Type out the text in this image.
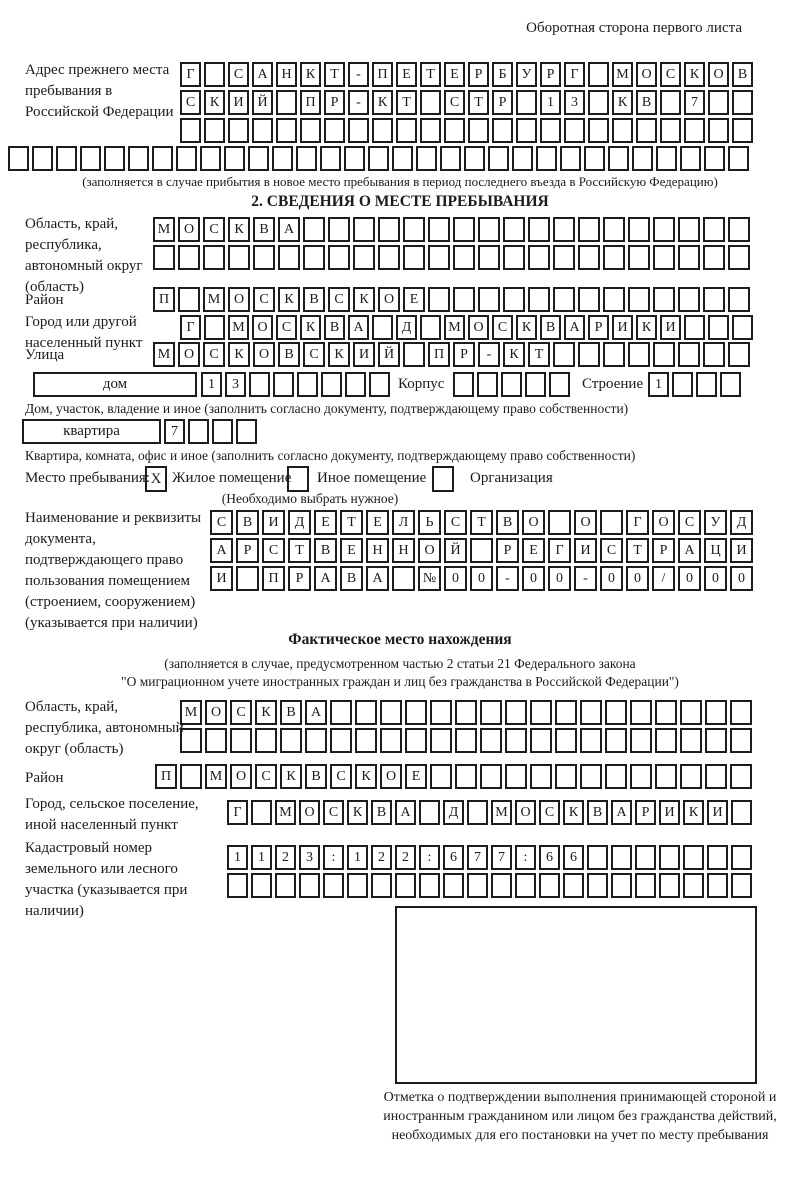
Оборотная сторона первого листа
Адрес прежнего места пребывания в Российской Федерации
Г	С	А Н	К	Т	-	П	Е	Т	Е	Р	Б	У	Р	Г	М О	С	К	О	В
С	К	И Й	П	Р	-	К	Т	С	Т	Р	1	3	К	В	7
(заполняется в случае прибытия в новое место пребывания в период последнего въезда в Российскую Федерацию)
2. СВЕДЕНИЯ О МЕСТЕ ПРЕБЫВАНИЯ
Область, край, республика, автономный округ (область)
М О	С	К	В	А
Район	П	М О	С	К	В	С	К	О	Е
Город или другой населенный пункт
Г	М О	С	К	В	А	Д	М О	С	К	В	А	Р	И	К	И
Улица	М О	С	К	О	В	С	К	И	Й	П	Р	-	К	Т
дом	1	3	Корпус	Строение 1
Дом, участок, владение и иное (заполнить согласно документу, подтверждающему право собственности)
квартира	7
Квартира, комната, офис и иное (заполнить согласно документу, подтверждающему право собственности)
Место пребывания: X Жилое помещение Иное помещение	Организация
(Необходимо выбрать нужное)
Наименование и реквизиты документа, подтверждающего право пользования помещением (строением, сооружением) (указывается при наличии)
С	В	И	Д	Е	Т	Е	Л	Ь	С	Т	В	О	О	Г	О	С	У	Д
А	Р	С	Т	В	Е	Н	Н	О	Й	Р	Е	Г	И	С	Т	Р	А	Ц	И
И	П	Р	А	В	А	№	0	0	-	0	0	-	0	0	/	0	0	0
Фактическое место нахождения
(заполняется в случае, предусмотренном частью 2 статьи 21 Федерального закона
"О миграционном учете иностранных граждан и лиц без гражданства в Российской Федерации")
Область, край, республика, автономный округ (область)
М О	С	К	В	А
Район	П	М О	С	К	В	С	К	О	Е
Город, сельское поселение, иной населенный пункт
Г	М О	С	К	В	А	Д	М О	С	К	В	А	Р	И	К	И
Кадастровый номер земельного или лесного участка (указывается при наличии)
1	1	2	3	:	1	2	2	:	6	7	7	:	6	6
Отметка о подтверждении выполнения принимающей стороной и иностранным гражданином или лицом без гражданства действий, необходимых для его постановки на учет по месту пребывания
